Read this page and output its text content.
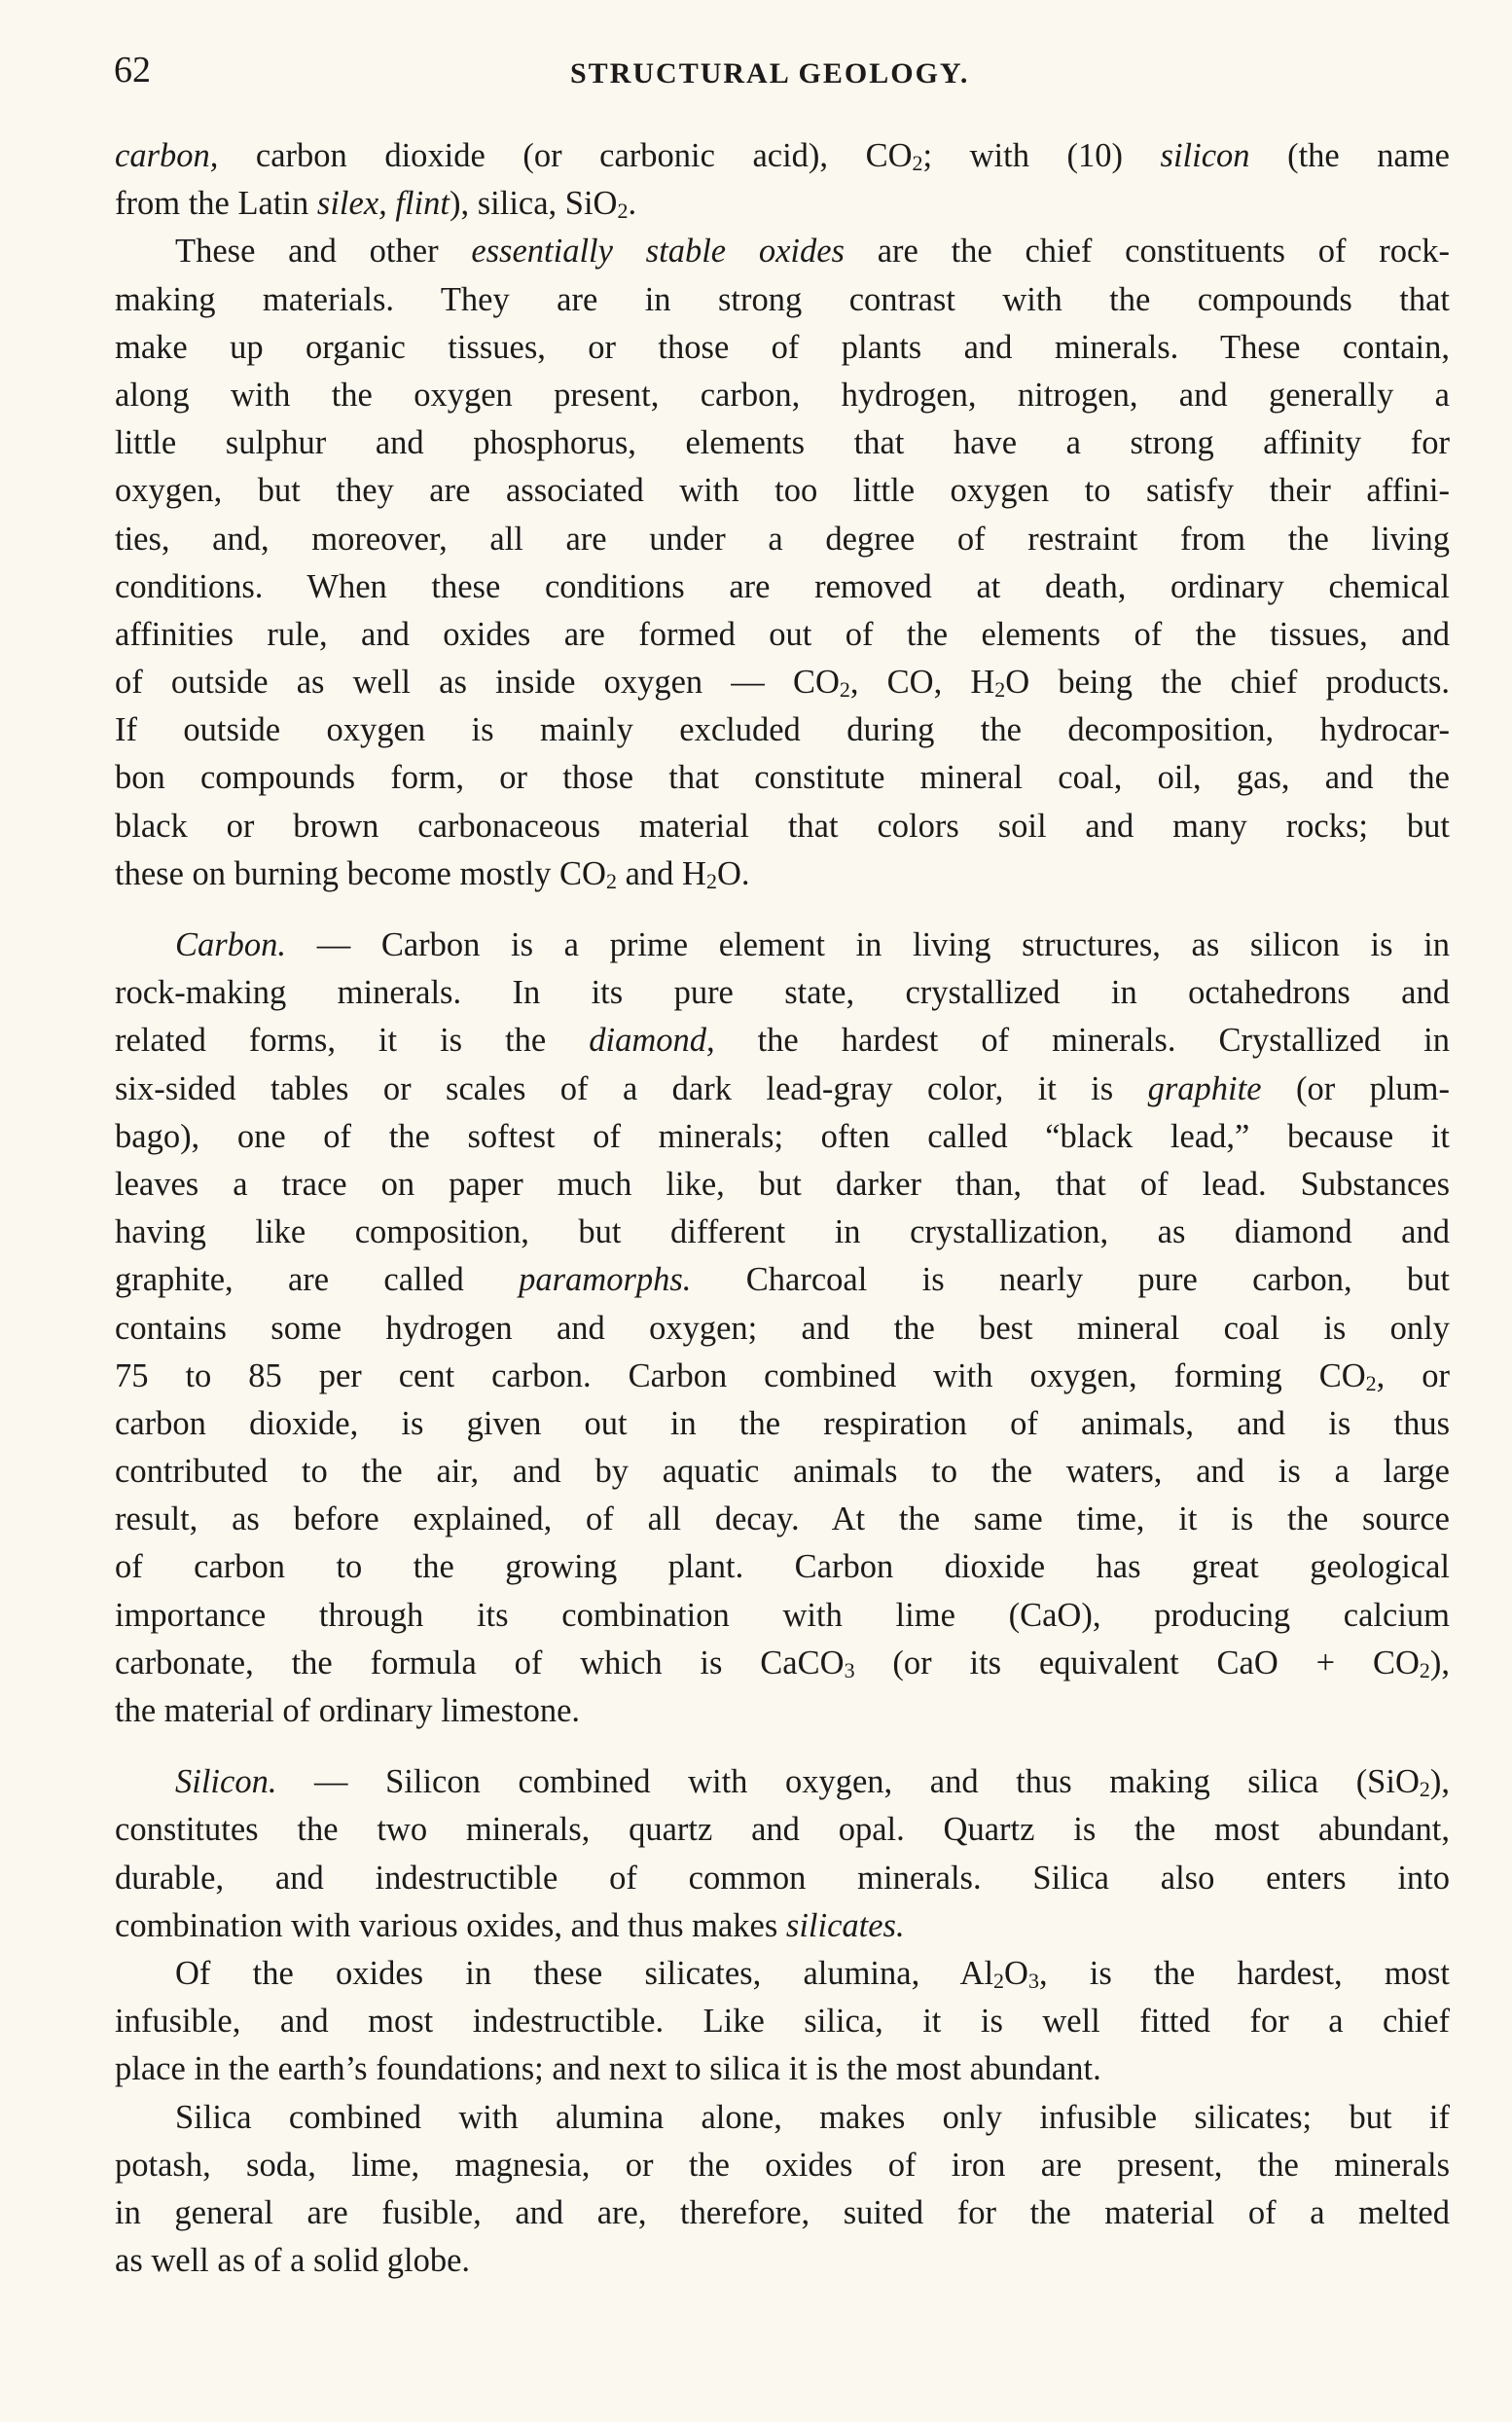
62	STRUCTURAL GEOLOGY.
carbon, carbon dioxide (or carbonic acid), $CO_2$; with (10) silicon (the name
from the Latin silex, flint), silica, SiO$_2$.
These and other essentially stable oxides are the chief constituents of rock-
making materials. They are in strong contrast with the compounds that
make up organic tissues, or those of plants and minerals. These contain,
along with the oxygen present, carbon, hydrogen, nitrogen, and generally a
little sulphur and phosphorus, elements that have a strong affinity for
oxygen, but they are associated with too little oxygen to satisfy their affini-
ties, and, moreover, all are under a degree of restraint from the living
conditions. When these conditions are removed at death, ordinary chemical
affinities rule, and oxides are formed out of the elements of the tissues, and
of outside as well as inside oxygen — $CO_2$, CO, $H_2O$ being the chief products.
If outside oxygen is mainly excluded during the decomposition, hydrocar-
bon compounds form, or those that constitute mineral coal, oil, gas, and the
black or brown carbonaceous material that colors soil and many rocks; but
these on burning become mostly $CO_2$ and $H_2O$.
Carbon. — Carbon is a prime element in living structures, as silicon is in
rock-making minerals. In its pure state, crystallized in octahedrons and
related forms, it is the diamond, the hardest of minerals. Crystallized in
six-sided tables or scales of a dark lead-gray color, it is graphite (or plum-
bago), one of the softest of minerals; often called “black lead,” because it
leaves a trace on paper much like, but darker than, that of lead. Substances
having like composition, but different in crystallization, as diamond and
graphite, are called paramorphs. Charcoal is nearly pure carbon, but
contains some hydrogen and oxygen; and the best mineral coal is only
75 to 85 per cent carbon. Carbon combined with oxygen, forming $CO_2$, or
carbon dioxide, is given out in the respiration of animals, and is thus
contributed to the air, and by aquatic animals to the waters, and is a large
result, as before explained, of all decay. At the same time, it is the source
of carbon to the growing plant. Carbon dioxide has great geological
importance through its combination with lime (CaO), producing calcium
carbonate, the formula of which is CaCO$_3$ (or its equivalent CaO + $CO_2$),
the material of ordinary limestone.
Silicon. — Silicon combined with oxygen, and thus making silica (SiO$_2$),
constitutes the two minerals, quartz and opal. Quartz is the most abundant,
durable, and indestructible of common minerals. Silica also enters into
combination with various oxides, and thus makes silicates.
Of the oxides in these silicates, alumina, $Al_2O_3$, is the hardest, most
infusible, and most indestructible. Like silica, it is well fitted for a chief
place in the earth’s foundations; and next to silica it is the most abundant.
Silica combined with alumina alone, makes only infusible silicates; but if
potash, soda, lime, magnesia, or the oxides of iron are present, the minerals
in general are fusible, and are, therefore, suited for the material of a melted
as well as of a solid globe.
